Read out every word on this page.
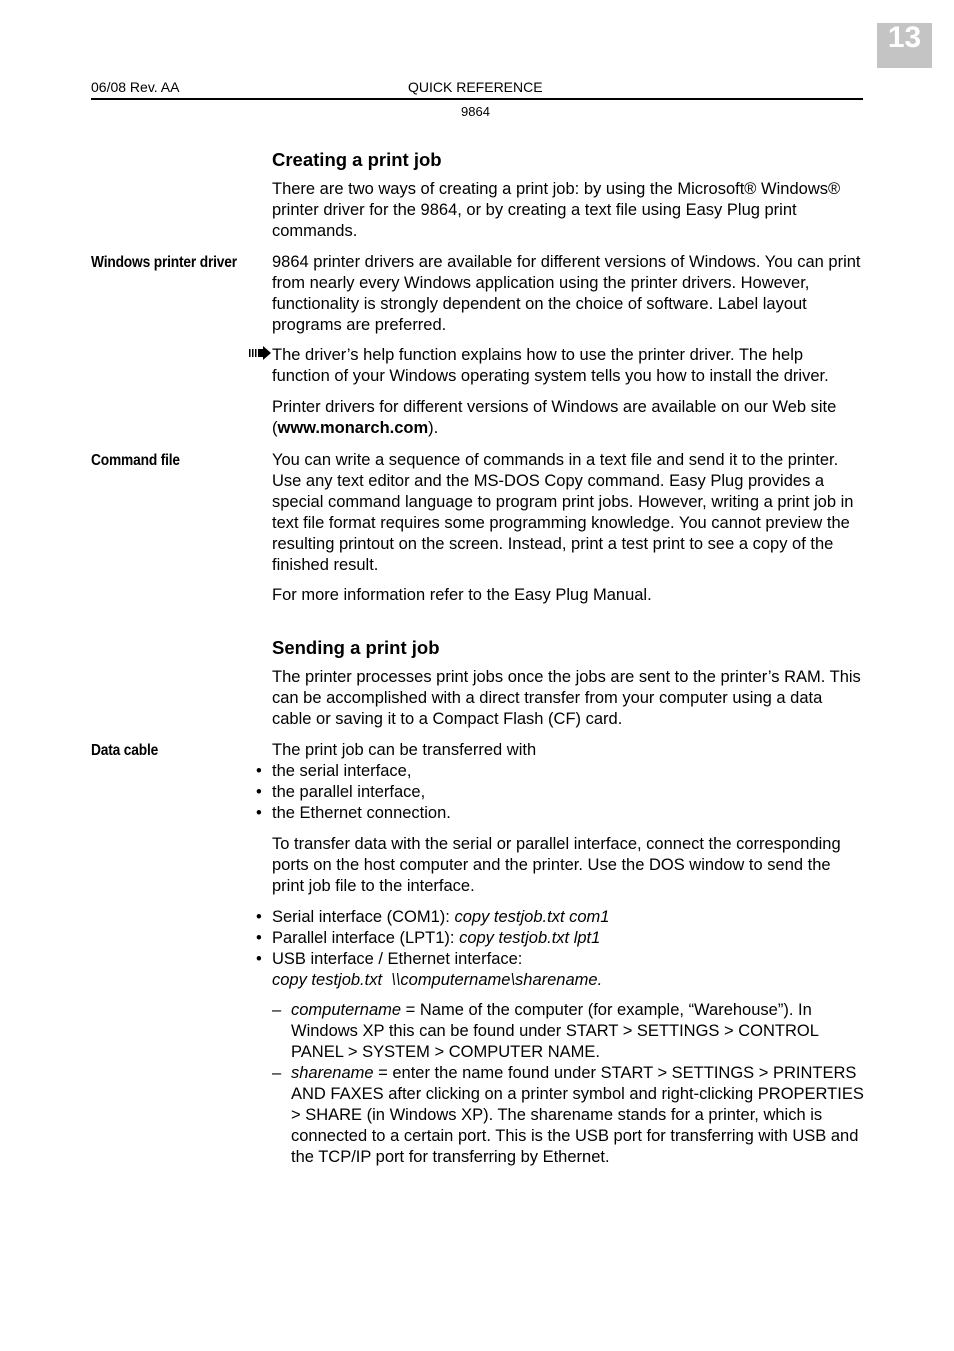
13
06/08 Rev. AA	QUICK REFERENCE
9864
Creating a print job

There are two ways of creating a print job: by using the Microsoft® Windows® printer driver for the 9864, or by creating a text file using Easy Plug print commands.

Windows printer driver 9864 printer drivers are available for different versions of Windows. You can print from nearly every Windows application using the printer drivers. However, functionality is strongly dependent on the choice of software. Label layout programs are preferred.

The driver’s help function explains how to use the printer driver. The help function of your Windows operating system tells you how to install the driver.

Printer drivers for different versions of Windows are available on our Web site (www.monarch.com).

Command file	You can write a sequence of commands in a text file and send it to the printer. Use any text editor and the MS-DOS Copy command. Easy Plug provides a special command language to program print jobs. However, writing a print job in text file format requires some programming knowledge. You cannot preview the resulting printout on the screen. Instead, print a test print to see a copy of the finished result.

For more information refer to the Easy Plug Manual.

Sending a print job

The printer processes print jobs once the jobs are sent to the printer’s RAM. This can be accomplished with a direct transfer from your computer using a data cable or saving it to a Compact Flash (CF) card.

Data cable	The print job can be transferred with

• the serial interface,
• the parallel interface,
• the Ethernet connection.

To transfer data with the serial or parallel interface, connect the corresponding ports on the host computer and the printer. Use the DOS window to send the print job file to the interface.

• Serial interface (COM1): copy testjob.txt com1
• Parallel interface (LPT1): copy testjob.txt lpt1
• USB interface / Ethernet interface:
copy testjob.txt  \\computername\sharename.
– computername = Name of the computer (for example, “Warehouse”). In Windows XP this can be found under START > SETTINGS > CONTROL PANEL > SYSTEM > COMPUTER NAME.
– sharename = enter the name found under START > SETTINGS > PRINTERS AND FAXES after clicking on a printer symbol and right-clicking PROPERTIES > SHARE (in Windows XP). The sharename stands for a printer, which is connected to a certain port. This is the USB port for transferring with USB and the TCP/IP port for transferring by Ethernet.
